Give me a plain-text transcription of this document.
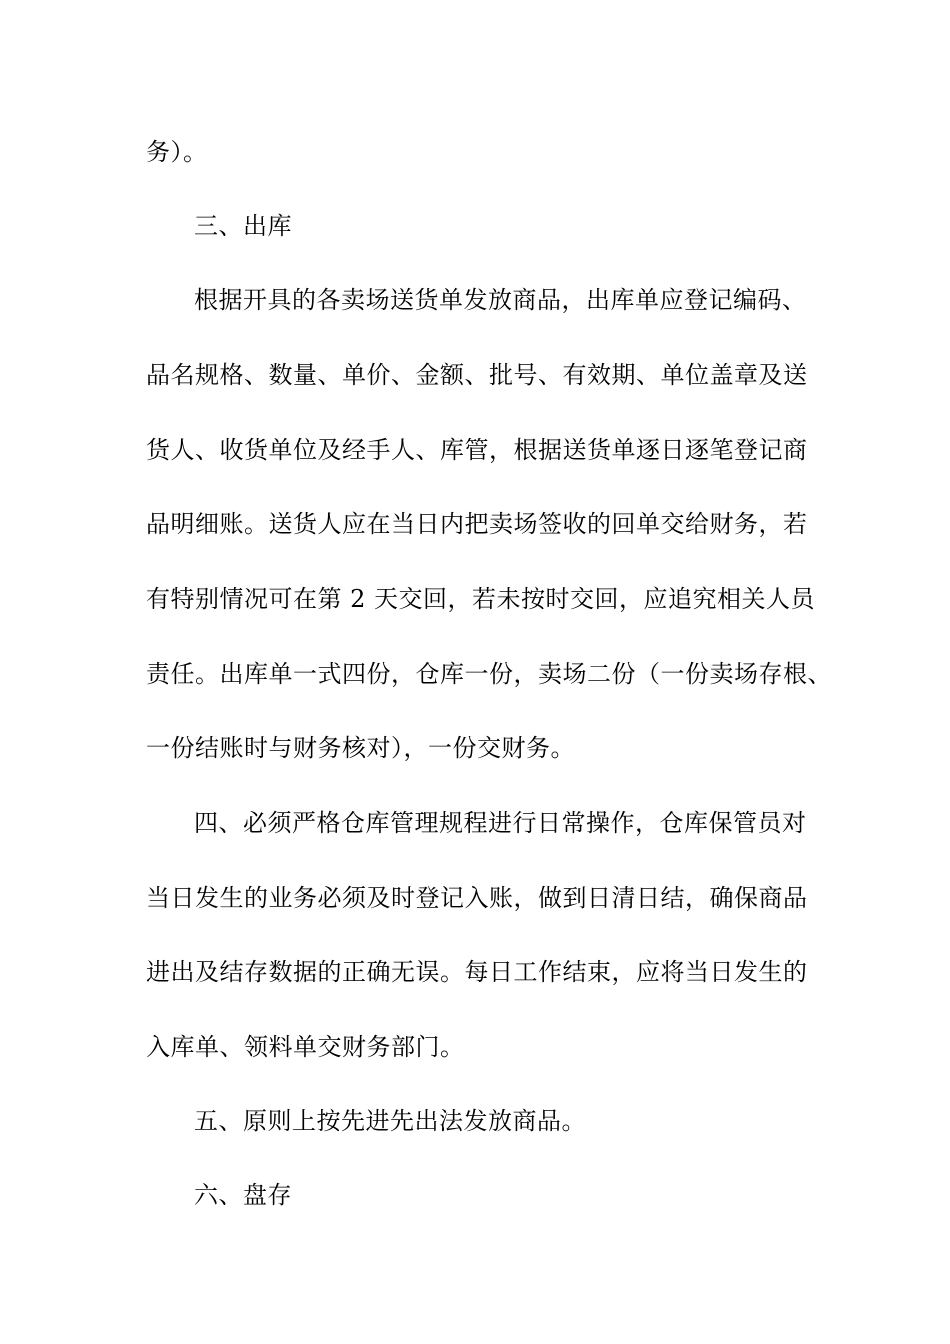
务）。
三、出库
根据开具的各卖场送货单发放商品，出库单应登记编码、
品名规格、数量、单价、金额、批号、有效期、单位盖章及送
货人、收货单位及经手人、库管，根据送货单逐日逐笔登记商
品明细账。送货人应在当日内把卖场签收的回单交给财务，若
有特别情况可在第 2 天交回，若未按时交回，应追究相关人员
责任。出库单一式四份，仓库一份，卖场二份（一份卖场存根、
一份结账时与财务核对），一份交财务。
四、必须严格仓库管理规程进行日常操作，仓库保管员对
当日发生的业务必须及时登记入账，做到日清日结，确保商品
进出及结存数据的正确无误。每日工作结束，应将当日发生的
入库单、领料单交财务部门。
五、原则上按先进先出法发放商品。
六、盘存
